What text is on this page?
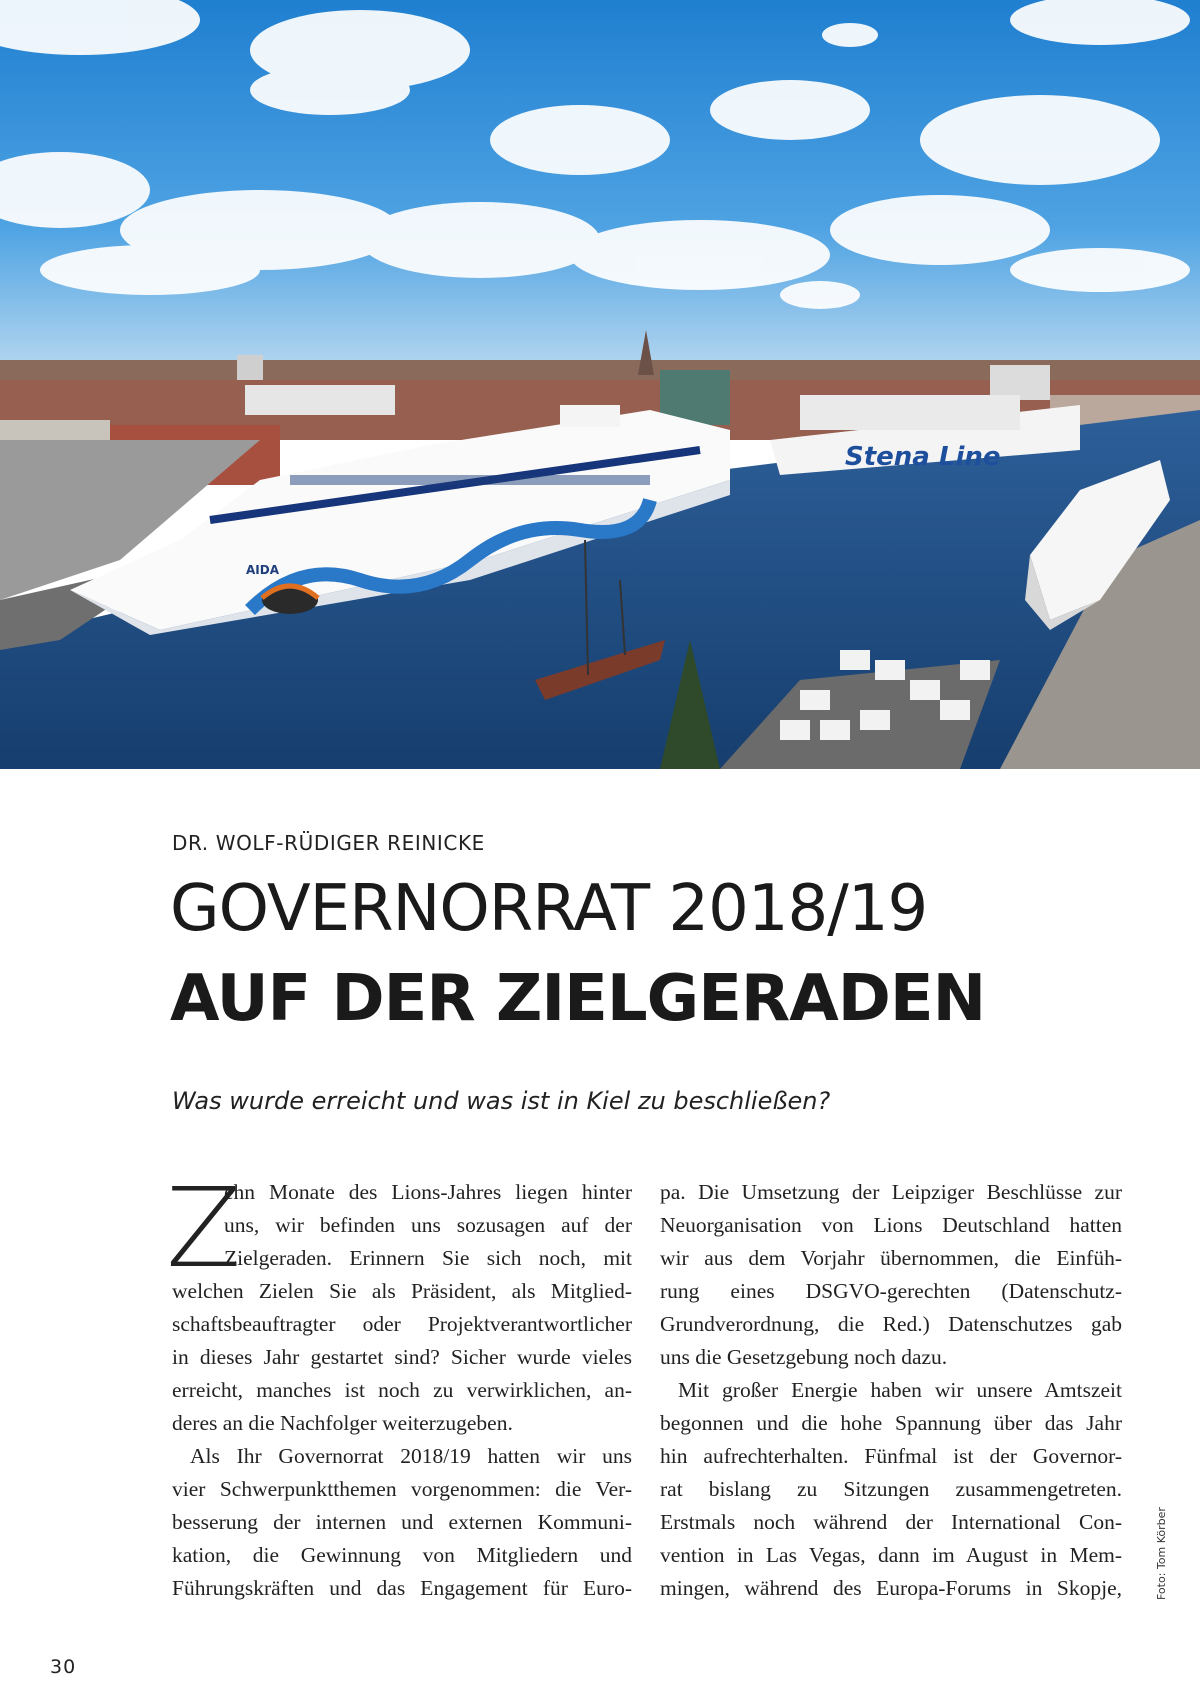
Stena Line
AIDA

DR. WOLF-RÜDIGER REINICKE

GOVERNORRAT 2018/19
AUF DER ZIELGERADEN

Was wurde erreicht und was ist in Kiel zu beschließen?

Z
ehn Monate des Lions-Jahres liegen hinter
uns, wir befinden uns sozusagen auf der
Zielgeraden. Erinnern Sie sich noch, mit
welchen Zielen Sie als Präsident, als Mitglied-
schaftsbeauftragter oder Projektverantwortlicher
in dieses Jahr gestartet sind? Sicher wurde vieles
erreicht, manches ist noch zu verwirklichen, an-
deres an die Nachfolger weiterzugeben.
Als Ihr Governorrat 2018/19 hatten wir uns
vier Schwerpunktthemen vorgenommen: die Ver-
besserung der internen und externen Kommuni-
kation, die Gewinnung von Mitgliedern und
Führungskräften und das Engagement für Euro-
pa. Die Umsetzung der Leipziger Beschlüsse zur
Neuorganisation von Lions Deutschland hatten
wir aus dem Vorjahr übernommen, die Einfüh-
rung eines DSGVO-gerechten (Datenschutz-
Grundverordnung, die Red.) Datenschutzes gab
uns die Gesetzgebung noch dazu.
Mit großer Energie haben wir unsere Amtszeit
begonnen und die hohe Spannung über das Jahr
hin aufrechterhalten. Fünfmal ist der Governor-
rat bislang zu Sitzungen zusammengetreten.
Erstmals noch während der International Con-
vention in Las Vegas, dann im August in Mem-
mingen, während des Europa-Forums in Skopje,	Foto: Tom Körber

30
